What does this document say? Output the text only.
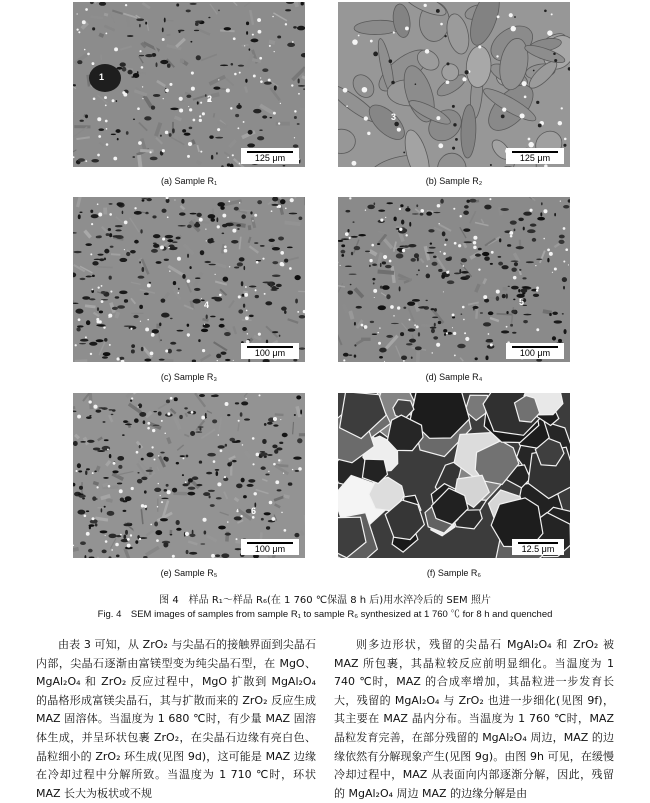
125 μm
1
2
(a) Sample R₁
125 μm
3
(b) Sample R₂
100 μm
4
(c) Sample R₃
100 μm
5
(d) Sample R₄
100 μm
6
(e) Sample R₅
12.5 μm
(f) Sample R₆
图 4　样品 R₁～样品 R₆(在 1 760 ℃保温 8 h 后)用水淬冷后的 SEM 照片
Fig. 4　SEM images of samples from sample R₁ to sample R₆ synthesized at 1 760 ℃ for 8 h and quenched
由表 3 可知，从 ZrO₂ 与尖晶石的接触界面到尖晶石内部，尖晶石逐渐由富镁型变为纯尖晶石型，在 MgO、MgAl₂O₄ 和 ZrO₂ 反应过程中，MgO 扩散到 MgAl₂O₄ 的晶格形成富镁尖晶石，其与扩散而来的 ZrO₂ 反应生成 MAZ 固溶体。当温度为 1 680 ℃时，有少量 MAZ 固溶体生成，并呈环状包裹 ZrO₂，在尖晶石边缘有亮白色、晶粒细小的 ZrO₂ 环生成(见图 9d)，这可能是 MAZ 边缘在冷却过程中分解所致。当温度为 1 710 ℃时，环状 MAZ 长大为板状或不规
则多边形状，残留的尖晶石 MgAl₂O₄ 和 ZrO₂ 被 MAZ 所包裹，其晶粒较反应前明显细化。当温度为 1 740 ℃时，MAZ 的合成率增加，其晶粒进一步发育长大，残留的 MgAl₂O₄ 与 ZrO₂ 也进一步细化(见图 9f)，其主要在 MAZ 晶内分布。当温度为 1 760 ℃时，MAZ 晶粒发育完善，在部分残留的 MgAl₂O₄ 周边，MAZ 的边缘依然有分解现象产生(见图 9g)。由图 9h 可见，在缓慢冷却过程中，MAZ 从表面向内部逐渐分解，因此，残留的 MgAl₂O₄ 周边 MAZ 的边缘分解是由
